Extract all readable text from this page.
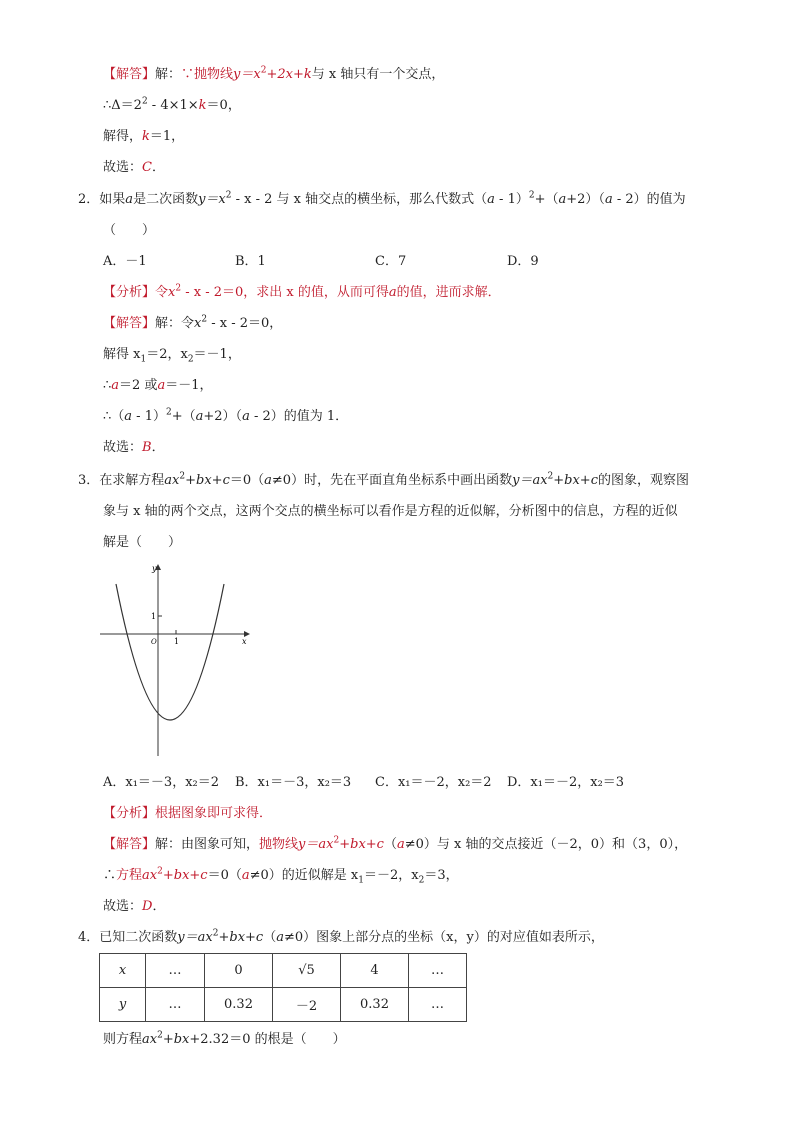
【解答】解：∵抛物线$y=x^2+2x+k$与 x 轴只有一个交点，
$\therefore\Delta=2^2 - 4\times 1\times k=0$，
解得，k＝1，
故选：C．
2．如果a是二次函数$y=x^2 - x - 2$ 与 x 轴交点的横坐标，那么代数式（a - 1）$^2$+（a+2）（a - 2）的值为
（　　）
A．－1	B．1	C．7	D．9
【分析】令$x^2 - x - 2=0$，求出 x 的值，从而可得a的值，进而求解．
【解答】解：令$x^2 - x - 2=0$，
解得 $x_1=2$，$x_2=-1$，
∴a＝2 或a＝－1，
∴（a - 1）$^2$+（a+2）（a - 2）的值为 1．
故选：B．
3．在求解方程$ax^2+bx+c=0(a\ne 0)$时，先在平面直角坐标系中画出函数$y=ax^2+bx+c$的图象，观察图
象与 x 轴的两个交点，这两个交点的横坐标可以看作是方程的近似解，分析图中的信息，方程的近似
解是（　　）
y
x
1
1
O
A．x₁＝－3，x₂＝2 B．x₁＝－3，x₂＝3 C．x₁＝－2，x₂＝2 D．x₁＝－2，x₂＝3
【分析】根据图象即可求得．
【解答】解：由图象可知，抛物线$y=ax^2+bx+c(a\ne 0)$与 x 轴的交点接近（－2，0）和（3，0），
∴方程$ax^2+bx+c=0(a\ne 0)$的近似解是 $x_1=-2$，$x_2=3$，
故选：D．
4．已知二次函数$y=ax^2+bx+c(a\ne 0)$图象上部分点的坐标（x，y）的对应值如表所示，
x	…	0	√5	4	…
y	…	0.32	－2	0.32	…
则方程$ax^2+bx+2.32=0$ 的根是（　　）
